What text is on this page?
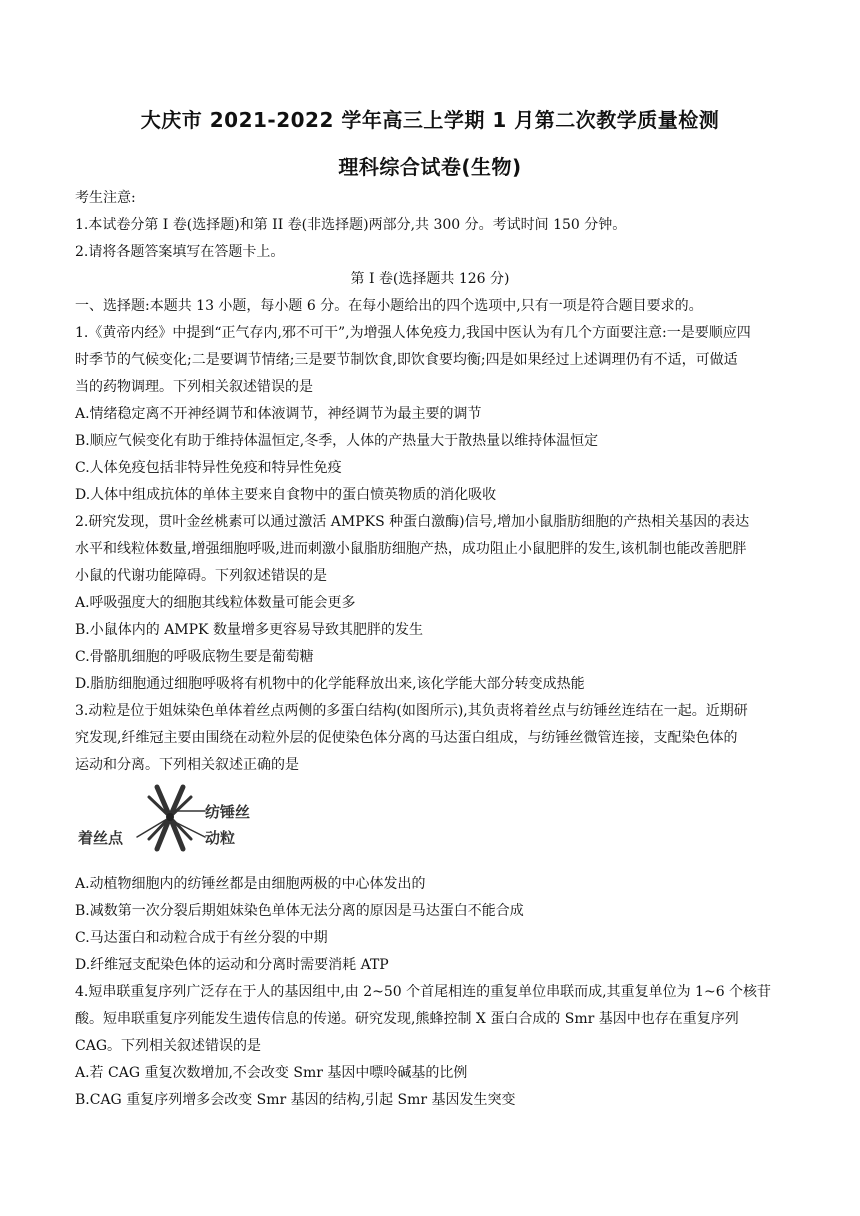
大庆市 2021-2022 学年高三上学期 1 月第二次教学质量检测
理科综合试卷(生物)
考生注意:
1.本试卷分第 I 卷(选择题)和第 II 卷(非选择题)两部分,共 300 分。考试时间 150 分钟。
2.请将各题答案填写在答题卡上。
第 I 卷(选择题共 126 分)
一、选择题:本题共 13 小题，每小题 6 分。在每小题给出的四个选项中,只有一项是符合题目要求的。
1.《黄帝内经》中提到“正气存内,邪不可干”,为增强人体免疫力,我国中医认为有几个方面要注意:一是要顺应四
时季节的气候变化;二是要调节情绪;三是要节制饮食,即饮食要均衡;四是如果经过上述调理仍有不适，可做适
当的药物调理。下列相关叙述错误的是
A.情绪稳定离不开神经调节和体液调节，神经调节为最主要的调节
B.顺应气候变化有助于维持体温恒定,冬季，人体的产热量大于散热量以维持体温恒定
C.人体免疫包括非特异性免疫和特异性免疫
D.人体中组成抗体的单体主要来自食物中的蛋白愤英物质的消化吸收
2.研究发现，贯叶金丝桃素可以通过激活 AMPKS 种蛋白激酶)信号,增加小鼠脂肪细胞的产热相关基因的表达
水平和线粒体数量,增强细胞呼吸,进而刺激小鼠脂肪细胞产热，成功阻止小鼠肥胖的发生,该机制也能改善肥胖
小鼠的代谢功能障碍。下列叙述错误的是
A.呼吸强度大的细胞其线粒体数量可能会更多
B.小鼠体内的 AMPK 数量增多更容易导致其肥胖的发生
C.骨骼肌细胞的呼吸底物生要是葡萄糖
D.脂肪细胞通过细胞呼吸将有机物中的化学能释放出来,该化学能大部分转变成热能
3.动粒是位于姐妹染色单体着丝点两侧的多蛋白结构(如图所示),其负责将着丝点与纺锤丝连结在一起。近期研
究发现,纤维冠主要由围绕在动粒外层的促使染色体分离的马达蛋白组成，与纺锤丝微管连接，支配染色体的
运动和分离。下列相关叙述正确的是
纺锤丝
着丝点	动粒
A.动植物细胞内的纺锤丝都是由细胞两极的中心体发出的
B.减数第一次分裂后期姐妹染色单体无法分离的原因是马达蛋白不能合成
C.马达蛋白和动粒合成于有丝分裂的中期
D.纤维冠支配染色体的运动和分离时需要消耗 ATP
4.短串联重复序列广泛存在于人的基因组中,由 2~50 个首尾相连的重复单位串联而成,其重复单位为 1~6 个核苷
酸。短串联重复序列能发生遗传信息的传递。研究发现,熊蜂控制 X 蛋白合成的 Smr 基因中也存在重复序列
CAG。下列相关叙述错误的是
A.若 CAG 重复次数增加,不会改变 Smr 基因中嘌呤碱基的比例
B.CAG 重复序列增多会改变 Smr 基因的结构,引起 Smr 基因发生突变
